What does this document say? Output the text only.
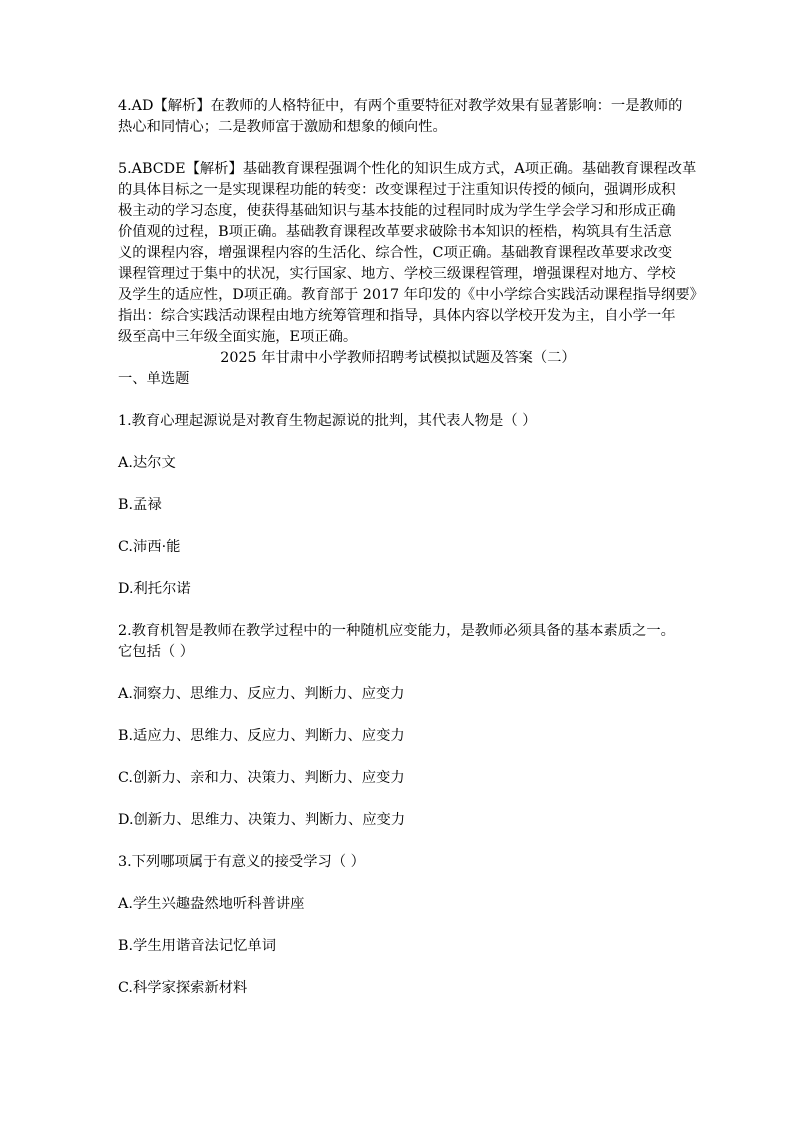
4.AD【解析】在教师的人格特征中，有两个重要特征对教学效果有显著影响：一是教师的
热心和同情心；二是教师富于激励和想象的倾向性。
5.ABCDE【解析】基础教育课程强调个性化的知识生成方式，A项正确。基础教育课程改革
的具体目标之一是实现课程功能的转变：改变课程过于注重知识传授的倾向，强调形成积
极主动的学习态度，使获得基础知识与基本技能的过程同时成为学生学会学习和形成正确
价值观的过程，B项正确。基础教育课程改革要求破除书本知识的桎梏，构筑具有生活意
义的课程内容，增强课程内容的生活化、综合性，C项正确。基础教育课程改革要求改变
课程管理过于集中的状况，实行国家、地方、学校三级课程管理，增强课程对地方、学校
及学生的适应性，D项正确。教育部于 2017 年印发的《中小学综合实践活动课程指导纲要》
指出：综合实践活动课程由地方统筹管理和指导，具体内容以学校开发为主，自小学一年
级至高中三年级全面实施，E项正确。
2025 年甘肃中小学教师招聘考试模拟试题及答案（二）
一、单选题
1.教育心理起源说是对教育生物起源说的批判，其代表人物是（ ）
A.达尔文
B.孟禄
C.沛西·能
D.利托尔诺
2.教育机智是教师在教学过程中的一种随机应变能力，是教师必须具备的基本素质之一。
它包括（ ）
A.洞察力、思维力、反应力、判断力、应变力
B.适应力、思维力、反应力、判断力、应变力
C.创新力、亲和力、决策力、判断力、应变力
D.创新力、思维力、决策力、判断力、应变力
3.下列哪项属于有意义的接受学习（ ）
A.学生兴趣盎然地听科普讲座
B.学生用谐音法记忆单词
C.科学家探索新材料
